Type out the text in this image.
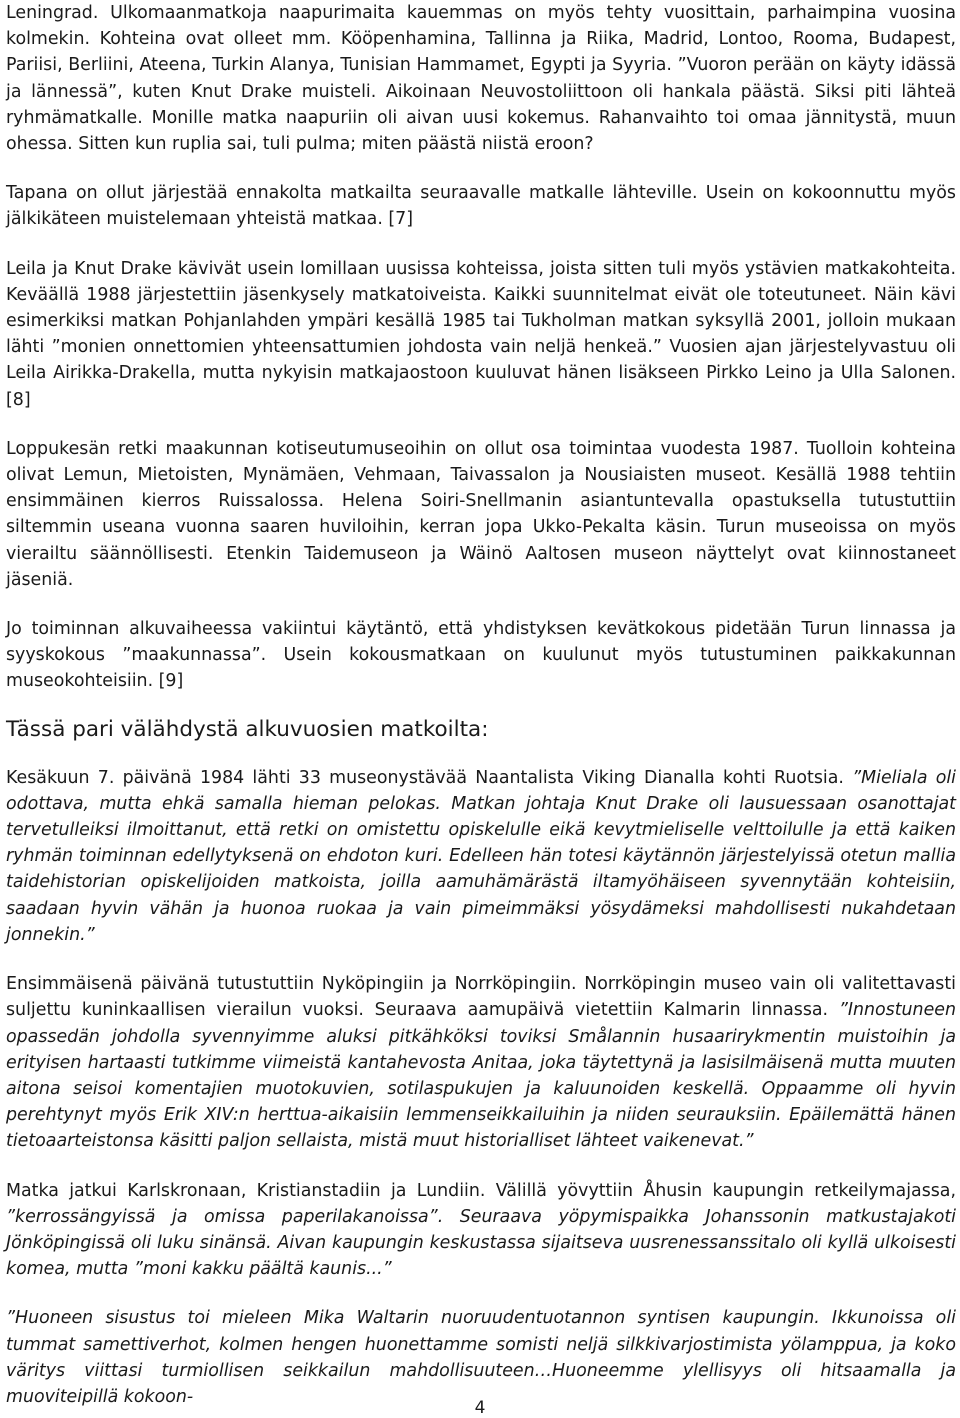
Leningrad. Ulkomaanmatkoja naapurimaita kauemmas on myös tehty vuosittain, parhaimpina vuosina kolmekin. Kohteina ovat olleet mm. Kööpenhamina, Tallinna ja Riika, Madrid, Lontoo, Rooma, Budapest, Pariisi, Berliini, Ateena, Turkin Alanya, Tunisian Hammamet, Egypti ja Syyria. ”Vuoron perään on käyty idässä ja lännessä”, kuten Knut Drake muisteli. Aikoinaan Neuvostoliittoon oli hankala päästä. Siksi piti lähteä ryhmämatkalle. Monille matka naapuriin oli aivan uusi kokemus. Rahanvaihto toi omaa jännitystä, muun ohessa. Sitten kun ruplia sai, tuli pulma; miten päästä niistä eroon?

Tapana on ollut järjestää ennakolta matkailta seuraavalle matkalle lähteville. Usein on kokoonnuttu myös jälkikäteen muistelemaan yhteistä matkaa. [7]

Leila ja Knut Drake kävivät usein lomillaan uusissa kohteissa, joista sitten tuli myös ystävien matkakohteita. Keväällä 1988 järjestettiin jäsenkysely matkatoiveista. Kaikki suunnitelmat eivät ole toteutuneet. Näin kävi esimerkiksi matkan Pohjanlahden ympäri kesällä 1985 tai Tukholman matkan syksyllä 2001, jolloin mukaan lähti ”monien onnettomien yhteensattumien johdosta vain neljä henkeä.” Vuosien ajan järjestelyvastuu oli Leila Airikka-Drakella, mutta nykyisin matkajaostoon kuuluvat hänen lisäkseen Pirkko Leino ja Ulla Salonen. [8]

Loppukesän retki maakunnan kotiseutumuseoihin on ollut osa toimintaa vuodesta 1987. Tuolloin kohteina olivat Lemun, Mietoisten, Mynämäen, Vehmaan, Taivassalon ja Nousiaisten museot. Kesällä 1988 tehtiin ensimmäinen kierros Ruissalossa. Helena Soiri-Snellmanin asiantuntevalla opastuksella tutustuttiin siltemmin useana vuonna saaren huviloihin, kerran jopa Ukko-Pekalta käsin. Turun museoissa on myös vierailtu säännöllisesti. Etenkin Taidemuseon ja Wäinö Aaltosen museon näyttelyt ovat kiinnostaneet jäseniä.

Jo toiminnan alkuvaiheessa vakiintui käytäntö, että yhdistyksen kevätkokous pidetään Turun linnassa ja syyskokous ”maakunnassa”. Usein kokousmatkaan on kuulunut myös tutustuminen paikkakunnan museokohteisiin. [9]

Tässä pari välähdystä alkuvuosien matkoilta:

Kesäkuun 7. päivänä 1984 lähti 33 museonystävää Naantalista Viking Dianalla kohti Ruotsia. ”Mieliala oli odottava, mutta ehkä samalla hieman pelokas. Matkan johtaja Knut Drake oli lausuessaan osanottajat tervetulleiksi ilmoittanut, että retki on omistettu opiskelulle eikä kevytmieliselle velttoilulle ja että kaiken ryhmän toiminnan edellytyksenä on ehdoton kuri. Edelleen hän totesi käytännön järjestelyissä otetun mallia taidehistorian opiskelijoiden matkoista, joilla aamuhämärästä iltamyöhäiseen syvennytään kohteisiin, saadaan hyvin vähän ja huonoa ruokaa ja vain pimeimmäksi yösydämeksi mahdollisesti nukahdetaan jonnekin.”

Ensimmäisenä päivänä tutustuttiin Nyköpingiin ja Norrköpingiin. Norrköpingin museo vain oli valitettavasti suljettu kuninkaallisen vierailun vuoksi. Seuraava aamupäivä vietettiin Kalmarin linnassa. ”Innostuneen opassedän johdolla syvennyimme aluksi pitkähköksi toviksi Smålannin husaarirykmentin muistoihin ja erityisen hartaasti tutkimme viimeistä kantahevosta Anitaa, joka täytettynä ja lasisilmäisenä mutta muuten aitona seisoi komentajien muotokuvien, sotilaspukujen ja kaluunoiden keskellä. Oppaamme oli hyvin perehtynyt myös Erik XIV:n herttua-aikaisiin lemmenseikkailuihin ja niiden seurauksiin. Epäilemättä hänen tietoaarteistonsa käsitti paljon sellaista, mistä muut historialliset lähteet vaikenevat.”

Matka jatkui Karlskronaan, Kristianstadiin ja Lundiin. Välillä yövyttiin Åhusin kaupungin retkeilymajassa, ”kerrossängyissä ja omissa paperilakanoissa”. Seuraava yöpymispaikka Johanssonin matkustajakoti Jönköpingissä oli luku sinänsä. Aivan kaupungin keskustassa sijaitseva uusrenessanssitalo oli kyllä ulkoisesti komea, mutta ”moni kakku päältä kaunis...”

”Huoneen sisustus toi mieleen Mika Waltarin nuoruudentuotannon syntisen kaupungin. Ikkunoissa oli tummat samettiverhot, kolmen hengen huonettamme somisti neljä silkkivarjostimista yölamppua, ja koko väritys viittasi turmiollisen seikkailun mahdollisuuteen…Huoneemme ylellisyys oli hitsaamalla ja muoviteipillä kokoon-

4
